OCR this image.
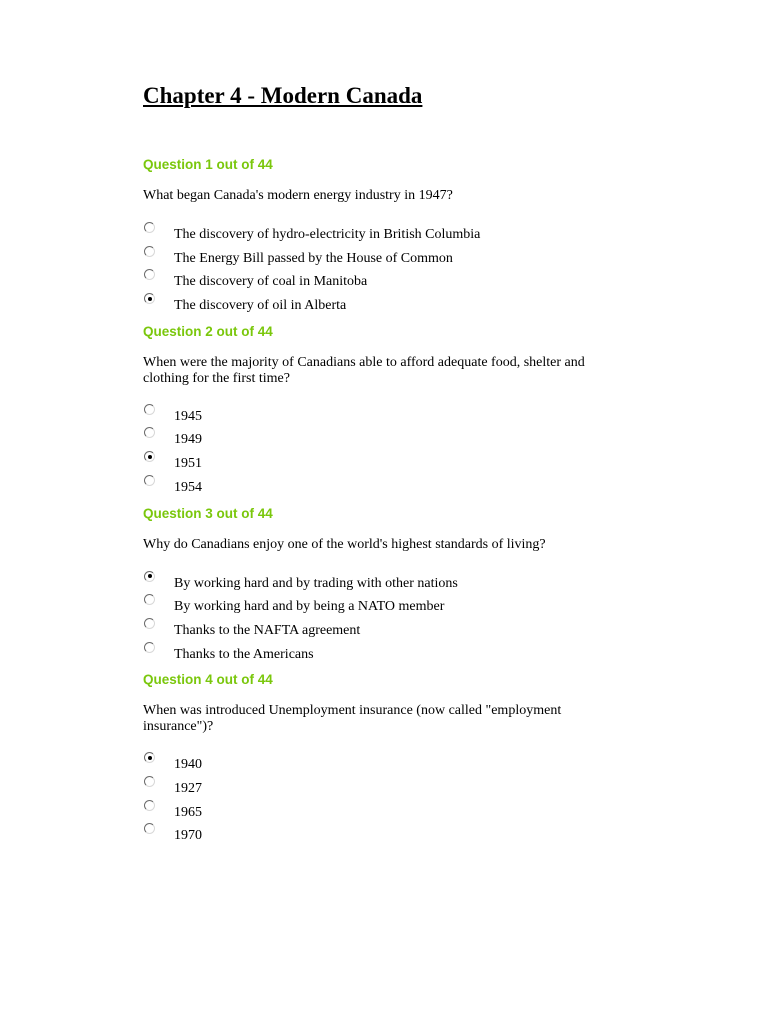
Chapter 4 - Modern Canada

Question 1 out of 44

What began Canada's modern energy industry in 1947?

The discovery of hydro-electricity in British Columbia
The Energy Bill passed by the House of Common
The discovery of coal in Manitoba
The discovery of oil in Alberta

Question 2 out of 44

When were the majority of Canadians able to afford adequate food, shelter and clothing for the first time?

1945
1949
1951
1954

Question 3 out of 44

Why do Canadians enjoy one of the world's highest standards of living?

By working hard and by trading with other nations
By working hard and by being a NATO member
Thanks to the NAFTA agreement
Thanks to the Americans

Question 4 out of 44

When was introduced Unemployment insurance (now called "employment insurance")?

1940
1927
1965
1970
